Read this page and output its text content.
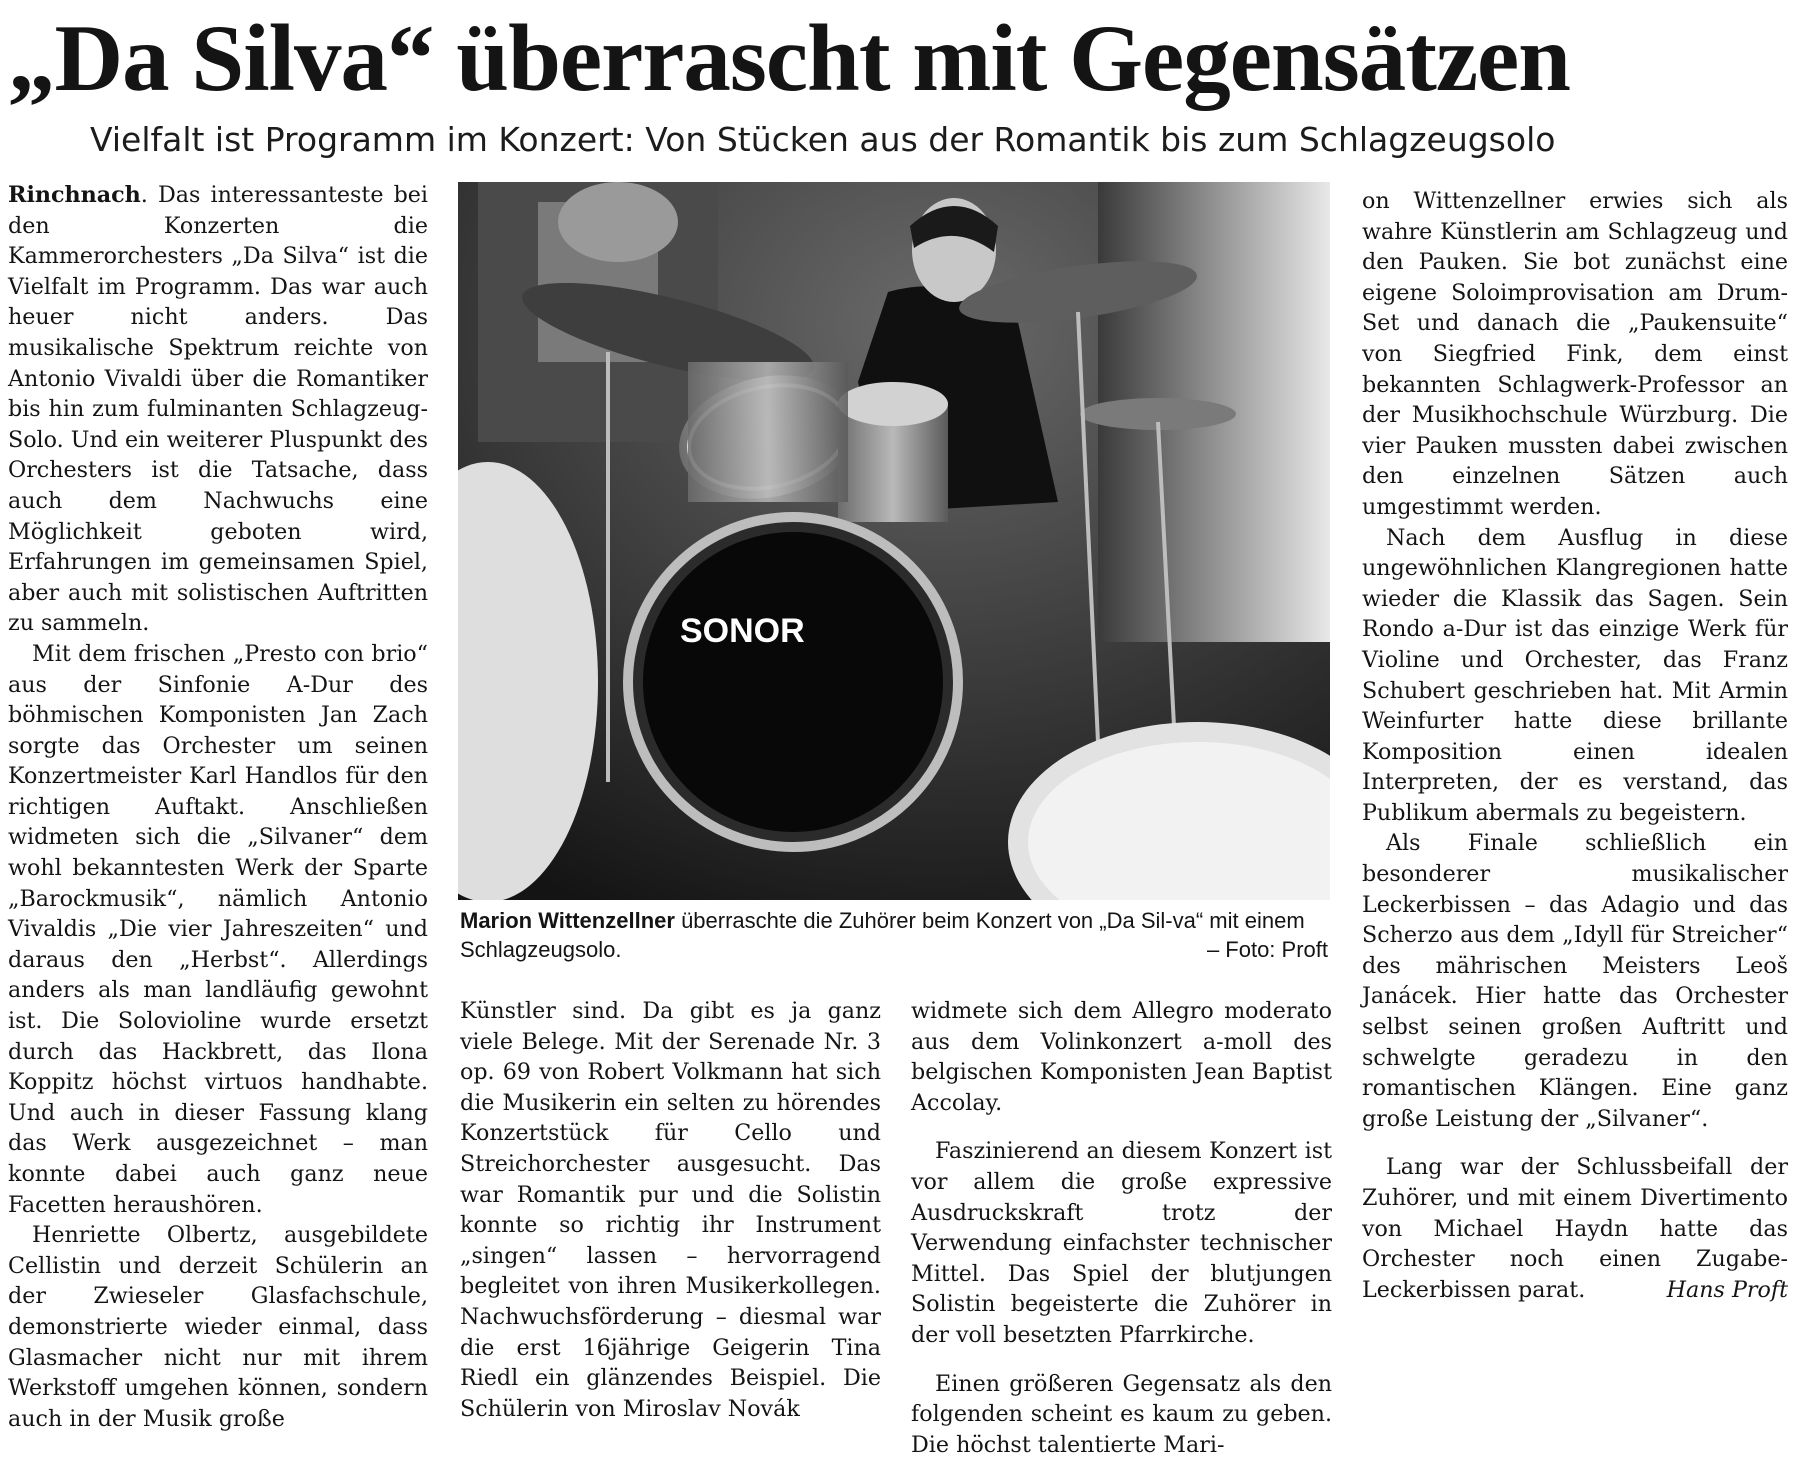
„Da Silva“ überrascht mit Gegensätzen
Vielfalt ist Programm im Konzert: Von Stücken aus der Romantik bis zum Schlagzeugsolo

Rinchnach. Das interessanteste bei den Konzerten die Kammerorchesters „Da Silva“ ist die Vielfalt im Programm. Das war auch heuer nicht anders. Das musikalische Spektrum reichte von Antonio Vivaldi über die Romantiker bis hin zum fulminanten Schlagzeug-Solo. Und ein weiterer Pluspunkt des Orchesters ist die Tatsache, dass auch dem Nachwuchs eine Möglichkeit geboten wird, Erfahrungen im gemeinsamen Spiel, aber auch mit solistischen Auftritten zu sammeln.

Mit dem frischen „Presto con brio“ aus der Sinfonie A-Dur des böhmischen Komponisten Jan Zach sorgte das Orchester um seinen Konzertmeister Karl Handlos für den richtigen Auftakt. Anschließen widmeten sich die „Silvaner“ dem wohl bekanntesten Werk der Sparte „Barockmusik“, nämlich Antonio Vivaldis „Die vier Jahreszeiten“ und daraus den „Herbst“. Allerdings anders als man landläufig gewohnt ist. Die Solovioline wurde ersetzt durch das Hackbrett, das Ilona Koppitz höchst virtuos handhabte. Und auch in dieser Fassung klang das Werk ausgezeichnet – man konnte dabei auch ganz neue Facetten heraushören.

Henriette Olbertz, ausgebildete Cellistin und derzeit Schülerin an der Zwieseler Glasfachschule, demonstrierte wieder einmal, dass Glasmacher nicht nur mit ihrem Werkstoff umgehen können, sondern auch in der Musik große

SONOR
Marion Wittenzellner überraschte die Zuhörer beim Konzert von „Da Sil-va“ mit einem Schlagzeugsolo.	– Foto: Proft

Künstler sind. Da gibt es ja ganz viele Belege. Mit der Serenade Nr. 3 op. 69 von Robert Volkmann hat sich die Musikerin ein selten zu hörendes Konzertstück für Cello und Streichorchester ausgesucht. Das war Romantik pur und die Solistin konnte so richtig ihr Instrument „singen“ lassen – hervorragend begleitet von ihren Musikerkollegen. Nachwuchsförderung – diesmal war die erst 16jährige Geigerin Tina Riedl ein glänzendes Beispiel. Die Schülerin von Miroslav Novák

widmete sich dem Allegro moderato aus dem Volinkonzert a-moll des belgischen Komponisten Jean Baptist Accolay.

Faszinierend an diesem Konzert ist vor allem die große expressive Ausdruckskraft trotz der Verwendung einfachster technischer Mittel. Das Spiel der blutjungen Solistin begeisterte die Zuhörer in der voll besetzten Pfarrkirche.

Einen größeren Gegensatz als den folgenden scheint es kaum zu geben. Die höchst talentierte Mari-

on Wittenzellner erwies sich als wahre Künstlerin am Schlagzeug und den Pauken. Sie bot zunächst eine eigene Soloimprovisation am Drum-Set und danach die „Paukensuite“ von Siegfried Fink, dem einst bekannten Schlagwerk-Professor an der Musikhochschule Würzburg. Die vier Pauken mussten dabei zwischen den einzelnen Sätzen auch umgestimmt werden.

Nach dem Ausflug in diese ungewöhnlichen Klangregionen hatte wieder die Klassik das Sagen. Sein Rondo a-Dur ist das einzige Werk für Violine und Orchester, das Franz Schubert geschrieben hat. Mit Armin Weinfurter hatte diese brillante Komposition einen idealen Interpreten, der es verstand, das Publikum abermals zu begeistern.

Als Finale schließlich ein besonderer musikalischer Leckerbissen – das Adagio und das Scherzo aus dem „Idyll für Streicher“ des mährischen Meisters Leoš Janácek. Hier hatte das Orchester selbst seinen großen Auftritt und schwelgte geradezu in den romantischen Klängen. Eine ganz große Leistung der „Silvaner“.

Lang war der Schlussbeifall der Zuhörer, und mit einem Divertimento von Michael Haydn hatte das Orchester noch einen Zugabe-Leckerbissen parat.	Hans Proft
